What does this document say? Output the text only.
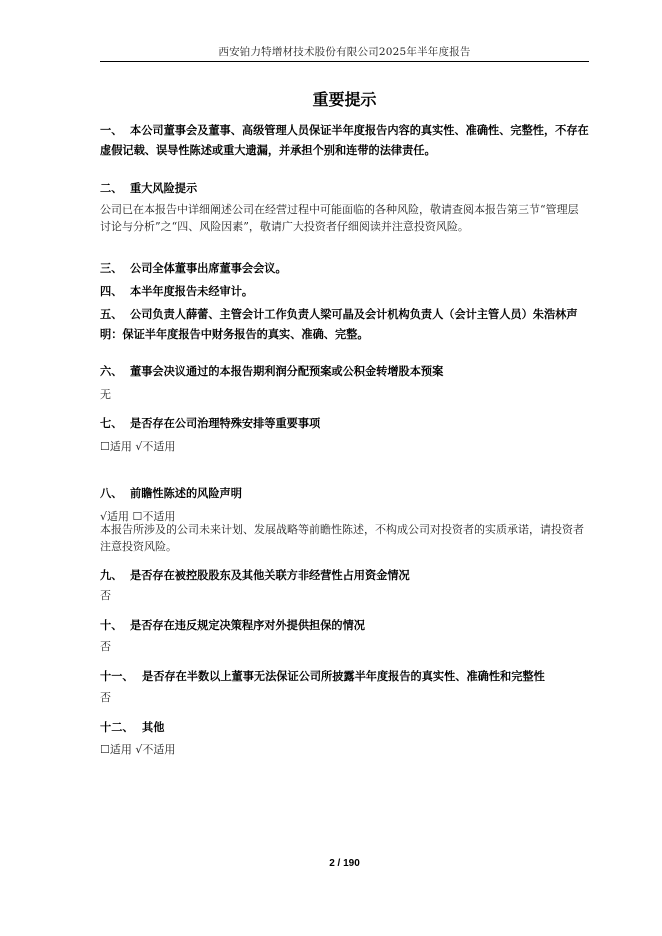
西安铂力特增材技术股份有限公司2025年半年度报告
重要提示
一、 本公司董事会及董事、高级管理人员保证半年度报告内容的真实性、准确性、完整性，不存在虚假记载、误导性陈述或重大遗漏，并承担个别和连带的法律责任。
二、 重大风险提示
公司已在本报告中详细阐述公司在经营过程中可能面临的各种风险，敬请查阅本报告第三节“管理层讨论与分析”之“四、风险因素”，敬请广大投资者仔细阅读并注意投资风险。
三、 公司全体董事出席董事会会议。
四、 本半年度报告未经审计。
五、 公司负责人薛蕾、主管会计工作负责人梁可晶及会计机构负责人（会计主管人员）朱浩林声明：保证半年度报告中财务报告的真实、准确、完整。
六、 董事会决议通过的本报告期利润分配预案或公积金转增股本预案
无
七、 是否存在公司治理特殊安排等重要事项
☐适用 √不适用
八、 前瞻性陈述的风险声明
√适用 ☐不适用
本报告所涉及的公司未来计划、发展战略等前瞻性陈述，不构成公司对投资者的实质承诺，请投资者注意投资风险。
九、 是否存在被控股股东及其他关联方非经营性占用资金情况
否
十、 是否存在违反规定决策程序对外提供担保的情况
否
十一、 是否存在半数以上董事无法保证公司所披露半年度报告的真实性、准确性和完整性
否
十二、 其他
☐适用 √不适用
2 / 190
